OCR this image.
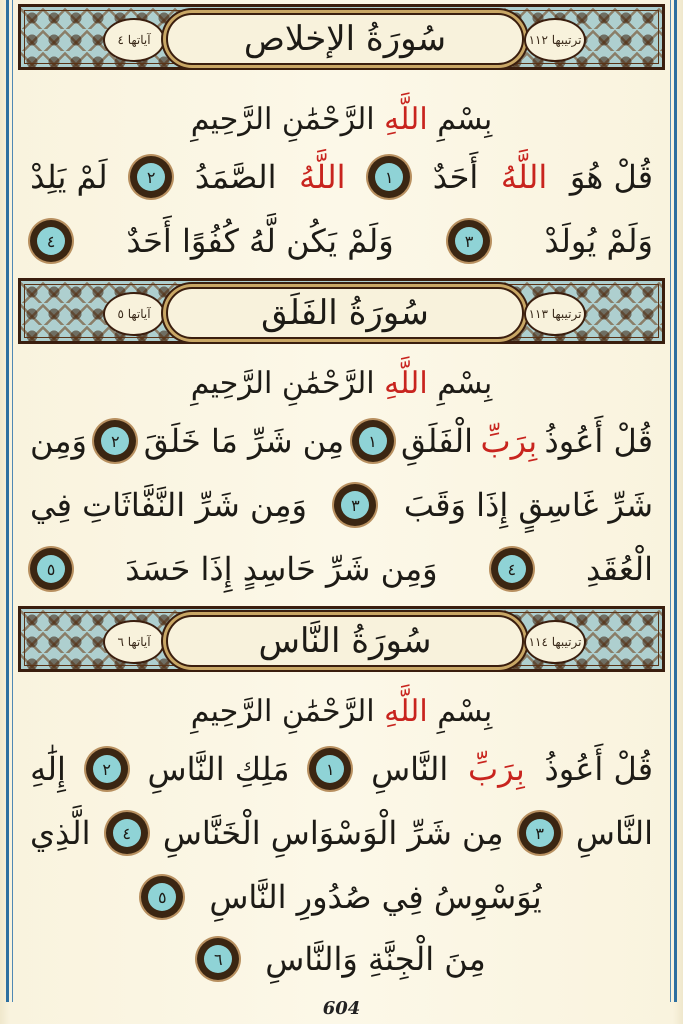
آياتها ٤	سُورَةُ الإخلاص	ترتيبها ١١٢
بِسْمِ اللَّهِ الرَّحْمَٰنِ الرَّحِيمِ
قُلْ هُوَ
اللَّهُ
أَحَدٌ
١
اللَّهُ
الصَّمَدُ
٢
لَمْ يَلِدْ
وَلَمْ يُولَدْ
٣
وَلَمْ يَكُن لَّهُ كُفُوًا أَحَدٌ
٤
آياتها ٥	سُورَةُ الفَلَق	ترتيبها ١١٣
بِسْمِ اللَّهِ الرَّحْمَٰنِ الرَّحِيمِ
قُلْ أَعُوذُ
بِرَبِّ
الْفَلَقِ
١
مِن شَرِّ مَا خَلَقَ
٢
وَمِن
شَرِّ غَاسِقٍ إِذَا وَقَبَ
٣
وَمِن شَرِّ النَّفَّاثَاتِ فِي
الْعُقَدِ
٤
وَمِن شَرِّ حَاسِدٍ إِذَا حَسَدَ
٥
آياتها ٦	سُورَةُ النَّاس	ترتيبها ١١٤
بِسْمِ اللَّهِ الرَّحْمَٰنِ الرَّحِيمِ
قُلْ أَعُوذُ
بِرَبِّ
النَّاسِ
١
مَلِكِ النَّاسِ
٢
إِلَٰهِ
النَّاسِ
٣
مِن شَرِّ الْوَسْوَاسِ الْخَنَّاسِ
٤
الَّذِي
يُوَسْوِسُ فِي صُدُورِ النَّاسِ
٥
مِنَ الْجِنَّةِ وَالنَّاسِ
٦
604
